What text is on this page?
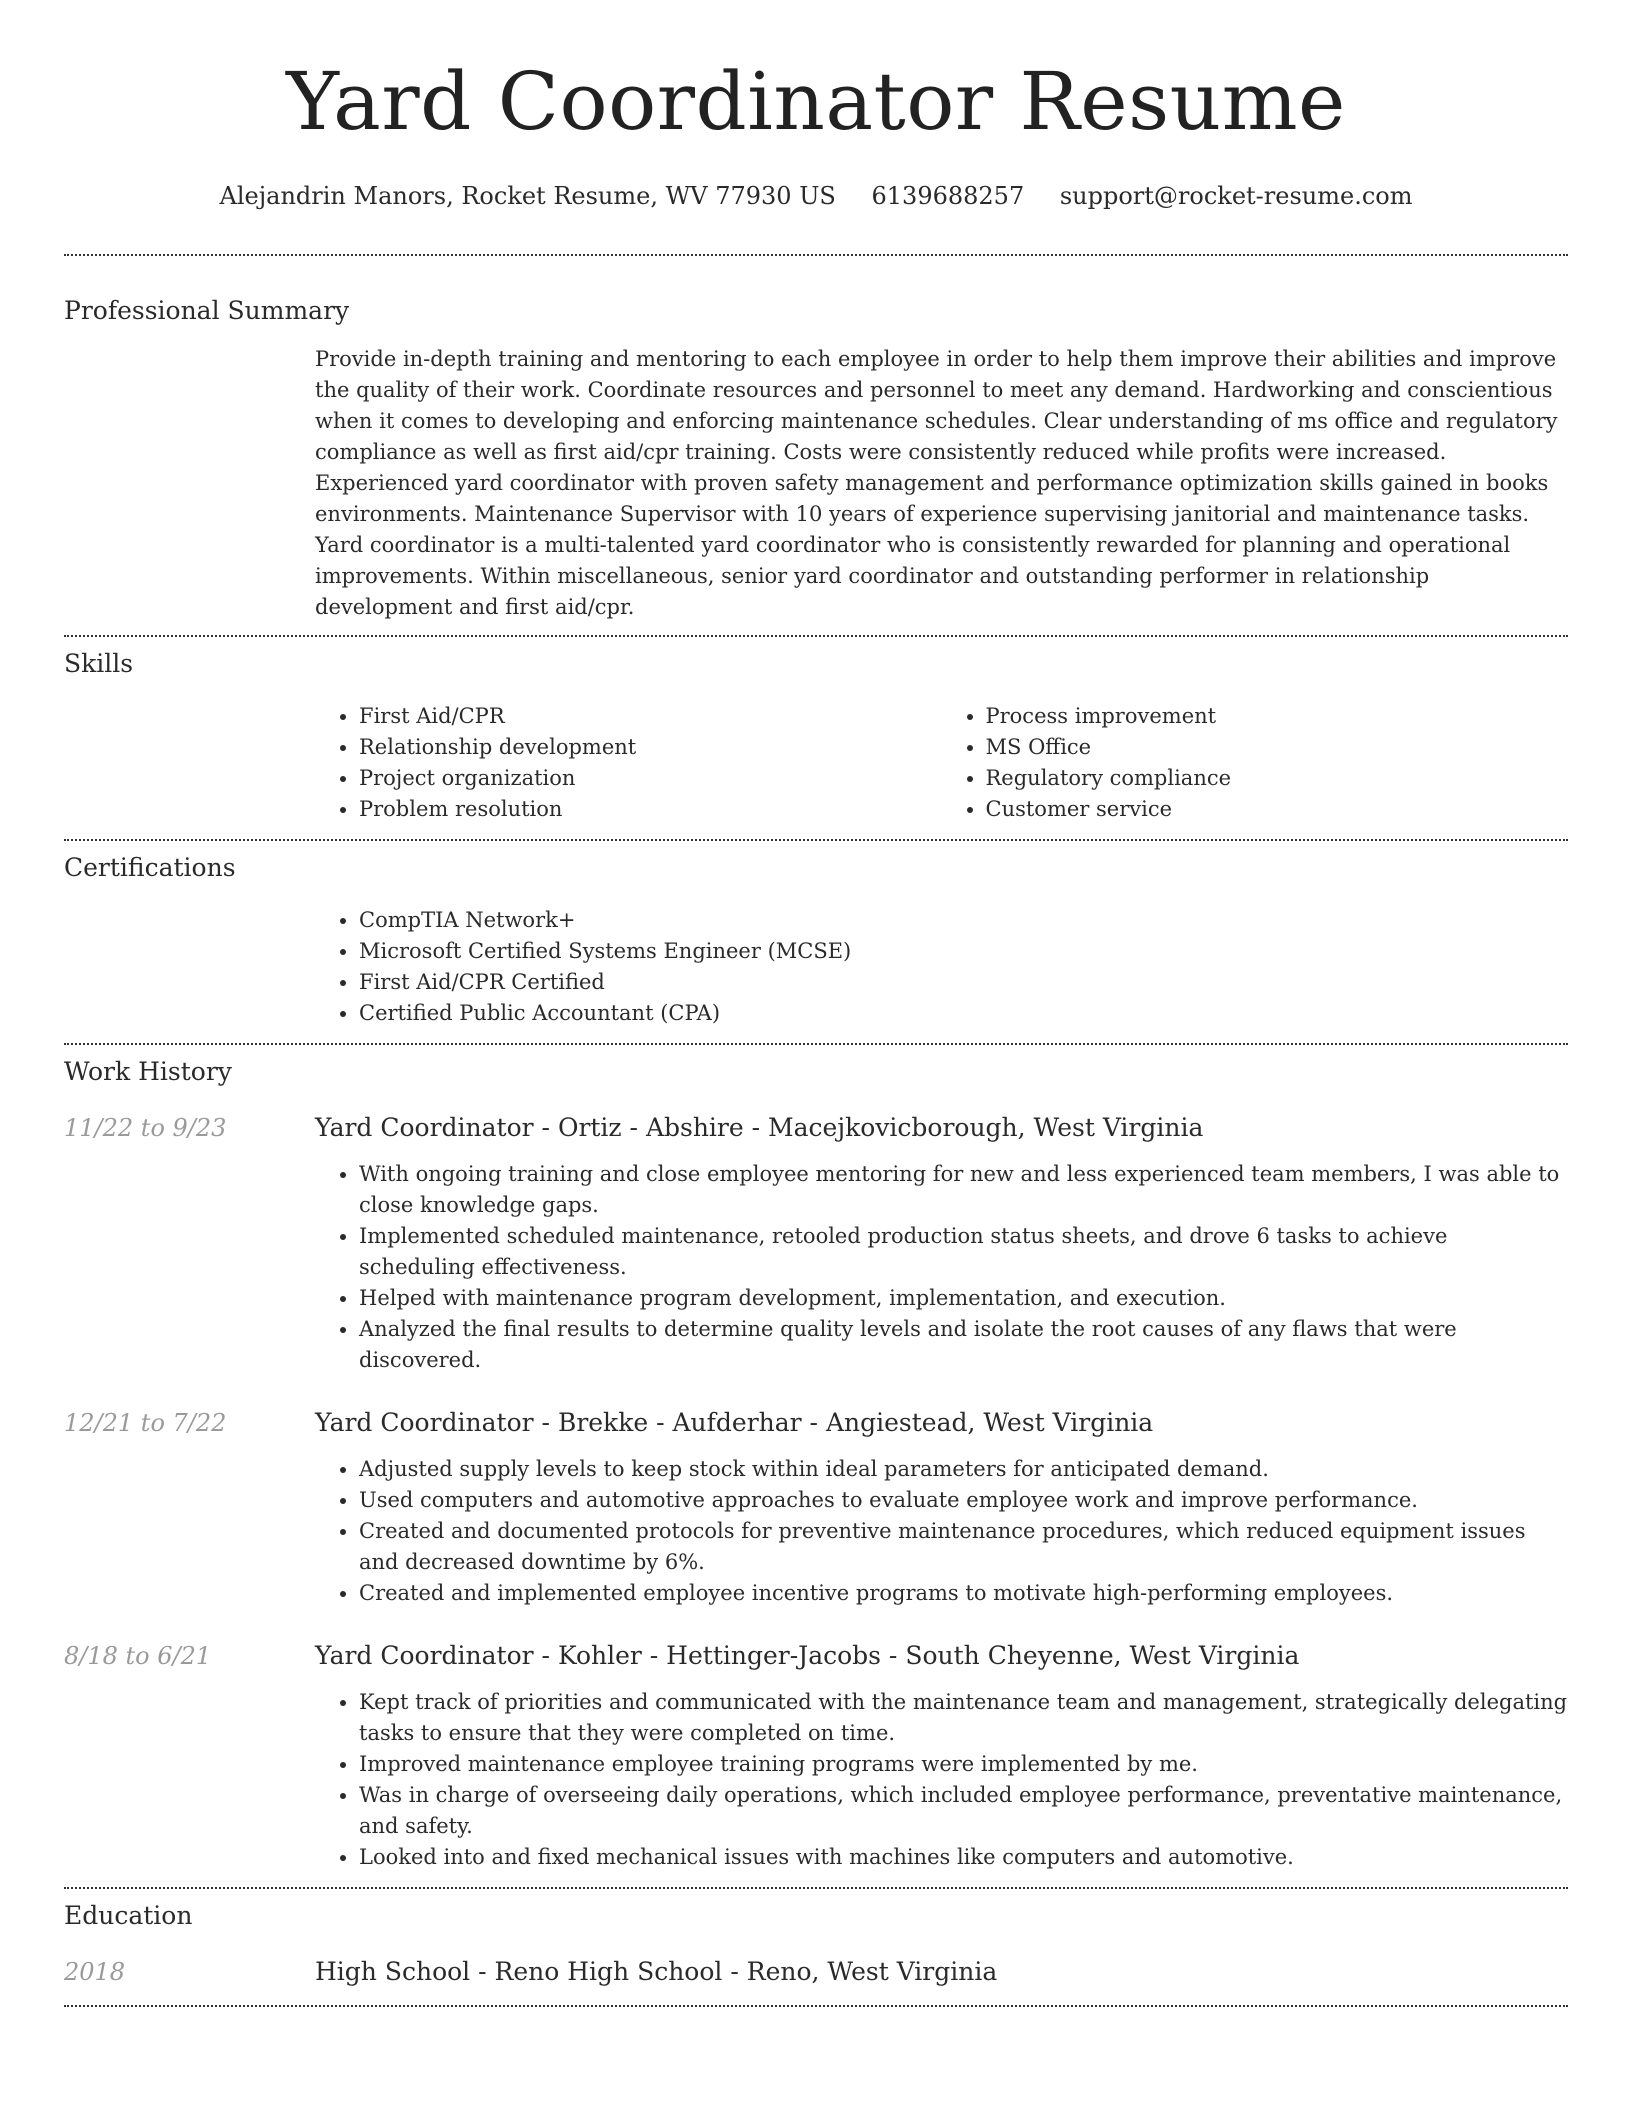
Yard Coordinator Resume
Alejandrin Manors, Rocket Resume, WV 77930 US 6139688257 support@rocket-resume.com
Professional Summary

Provide in-depth training and mentoring to each employee in order to help them improve their abilities and improve the quality of their work. Coordinate resources and personnel to meet any demand. Hardworking and conscientious when it comes to developing and enforcing maintenance schedules. Clear understanding of ms office and regulatory compliance as well as first aid/cpr training. Costs were consistently reduced while profits were increased. Experienced yard coordinator with proven safety management and performance optimization skills gained in books environments. Maintenance Supervisor with 10 years of experience supervising janitorial and maintenance tasks. Yard coordinator is a multi-talented yard coordinator who is consistently rewarded for planning and operational improvements. Within miscellaneous, senior yard coordinator and outstanding performer in relationship development and first aid/cpr.

Skills
• First Aid/CPR
• Relationship development
• Project organization
• Problem resolution
• Process improvement
• MS Office
• Regulatory compliance
• Customer service
Certifications
• CompTIA Network+
• Microsoft Certified Systems Engineer (MCSE)
• First Aid/CPR Certified
• Certified Public Accountant (CPA)
Work History
11/22 to 9/23	Yard Coordinator - Ortiz - Abshire - Macejkovicborough, West Virginia
• With ongoing training and close employee mentoring for new and less experienced team members, I was able to close knowledge gaps.
• Implemented scheduled maintenance, retooled production status sheets, and drove 6 tasks to achieve scheduling effectiveness.
• Helped with maintenance program development, implementation, and execution.
• Analyzed the final results to determine quality levels and isolate the root causes of any flaws that were discovered.
12/21 to 7/22	Yard Coordinator - Brekke - Aufderhar - Angiestead, West Virginia
• Adjusted supply levels to keep stock within ideal parameters for anticipated demand.
• Used computers and automotive approaches to evaluate employee work and improve performance.
• Created and documented protocols for preventive maintenance procedures, which reduced equipment issues and decreased downtime by 6%.
• Created and implemented employee incentive programs to motivate high-performing employees.
8/18 to 6/21	Yard Coordinator - Kohler - Hettinger-Jacobs - South Cheyenne, West Virginia
• Kept track of priorities and communicated with the maintenance team and management, strategically delegating tasks to ensure that they were completed on time.
• Improved maintenance employee training programs were implemented by me.
• Was in charge of overseeing daily operations, which included employee performance, preventative maintenance, and safety.
• Looked into and fixed mechanical issues with machines like computers and automotive.
Education
2018	High School - Reno High School - Reno, West Virginia
